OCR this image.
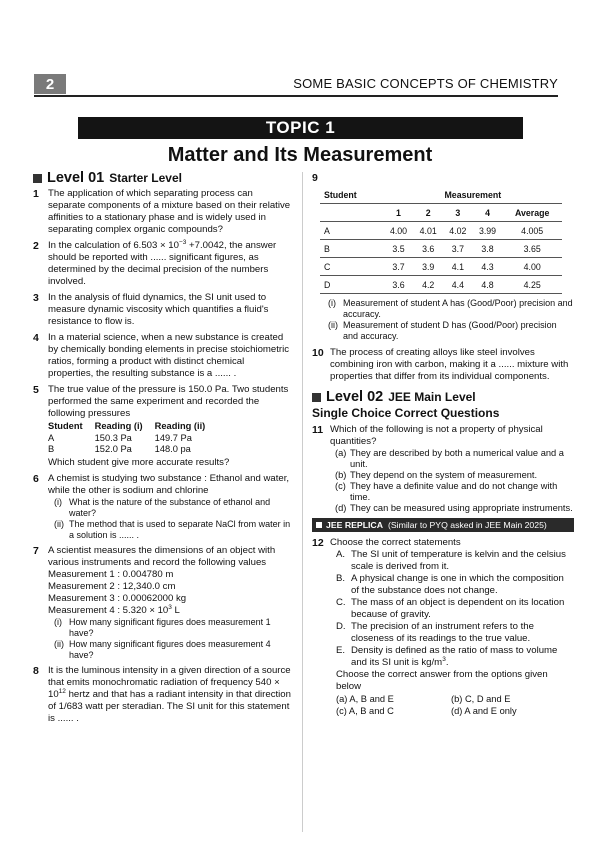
2	SOME BASIC CONCEPTS OF CHEMISTRY
TOPIC 1
Matter and Its Measurement
Level 01 Starter Level
1 The application of which separating process can separate components of a mixture based on their relative affinities to a stationary phase and is widely used in separating complex organic compounds?
2 In the calculation of $6.503 \times 10^{-3} +7.0042$, the answer should be reported with ...... significant figures, as determined by the decimal precision of the numbers involved.
3 In the analysis of fluid dynamics, the SI unit used to measure dynamic viscosity which quantifies a fluid's resistance to flow is.
4 In a material science, when a new substance is created by chemically bonding elements in precise stoichiometric ratios, forming a product with distinct chemical properties, the resulting substance is a ...... .
5 The true value of the pressure is 150.0 Pa. Two students performed the same experiment and recorded the following pressures
Student	Reading (i)	Reading (ii)
A	150.3 Pa	149.7 Pa
B	152.0 Pa	148.0 pa
Which student give more accurate results?
6 A chemist is studying two substance : Ethanol and water, while the other is sodium and chlorine
(i) What is the nature of the substance of ethanol and water?
(ii) The method that is used to separate NaCl from water in a solution is ...... .
7 A scientist measures the dimensions of an object with various instruments and record the following values
Measurement 1 : 0.004780 m
Measurement 2 : 12,340.0 cm
Measurement 3 : 0.00062000 kg
Measurement 4 : $5.320 \times 10^3$ L
(i) How many significant figures does measurement 1 have?
(ii) How many significant figures does measurement 4 have?
8 It is the luminous intensity in a given direction of a source that emits monochromatic radiation of frequency $540 \times 10^{12}$ hertz and that has a radiant intensity in that direction of 1/683 watt per steradian. The SI unit for this statement is ...... .
9
Student	Measurement				
	1	2	3	4	Average
A	4.00	4.01	4.02	3.99	4.005
B	3.5	3.6	3.7	3.8	3.65
C	3.7	3.9	4.1	4.3	4.00
D	3.6	4.2	4.4	4.8	4.25
(i) Measurement of student A has (Good/Poor) precision and accuracy.
(ii) Measurement of student D has (Good/Poor) precision and accuracy.
10 The process of creating alloys like steel involves combining iron with carbon, making it a ...... mixture with properties that differ from its individual components.
Level 02 JEE Main Level
Single Choice Correct Questions
11 Which of the following is not a property of physical quantities?
(a) They are described by both a numerical value and a unit.
(b) They depend on the system of measurement.
(c) They have a definite value and do not change with time.
(d) They can be measured using appropriate instruments.
JEE REPLICA (Similar to PYQ asked in JEE Main 2025)
12 Choose the correct statements
A. The SI unit of temperature is kelvin and the celsius scale is derived from it.
B. A physical change is one in which the composition of the substance does not change.
C. The mass of an object is dependent on its location because of gravity.
D. The precision of an instrument refers to the closeness of its readings to the true value.
E. Density is defined as the ratio of mass to volume and its SI unit is $kg/m^3$.
Choose the correct answer from the options given below
(a) A, B and E	(b) C, D and E
(c) A, B and C	(d) A and E only
